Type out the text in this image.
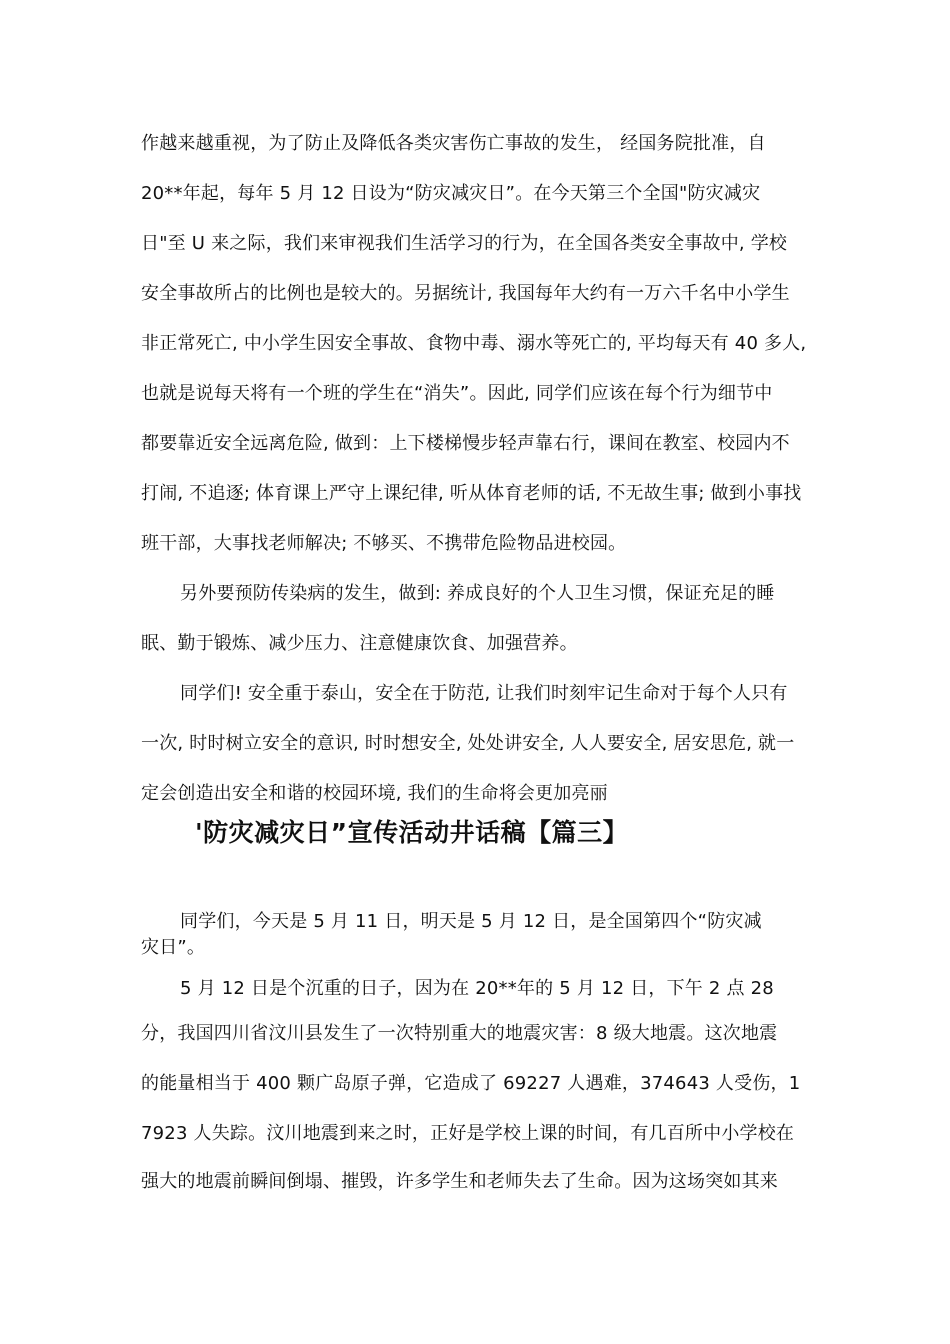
作越来越重视，为了防止及降低各类灾害伤亡事故的发生， 经国务院批准，自
20**年起，每年 5 月 12 日设为“防灾减灾日”。在今天第三个全国"防灾减灾
日"至 U 来之际，我们来审视我们生活学习的行为，在全国各类安全事故中, 学校
安全事故所占的比例也是较大的。另据统计, 我国每年大约有一万六千名中小学生
非正常死亡, 中小学生因安全事故、食物中毒、溺水等死亡的, 平均每天有 40 多人,
也就是说每天将有一个班的学生在“消失”。因此, 同学们应该在每个行为细节中
都要靠近安全远离危险, 做到：上下楼梯慢步轻声靠右行，课间在教室、校园内不
打闹, 不追逐; 体育课上严守上课纪律, 听从体育老师的话, 不无故生事; 做到小事找
班干部，大事找老师解决; 不够买、不携带危险物品进校园。
另外要预防传染病的发生，做到: 养成良好的个人卫生习惯，保证充足的睡
眠、勤于锻炼、减少压力、注意健康饮食、加强营养。
同学们! 安全重于泰山，安全在于防范, 让我们时刻牢记生命对于每个人只有
一次, 时时树立安全的意识, 时时想安全, 处处讲安全, 人人要安全, 居安思危, 就一
定会创造出安全和谐的校园环境, 我们的生命将会更加亮丽
'防灾减灾日”宣传活动井话稿【篇三】
同学们，今天是 5 月 11 日，明天是 5 月 12 日，是全国第四个“防灾减
灾日”。
5 月 12 日是个沉重的日子，因为在 20**年的 5 月 12 日，下午 2 点 28
分，我国四川省汶川县发生了一次特别重大的地震灾害：8 级大地震。这次地震
的能量相当于 400 颗广岛原子弹，它造成了 69227 人遇难，374643 人受伤，1
7923 人失踪。汶川地震到来之时，正好是学校上课的时间，有几百所中小学校在
强大的地震前瞬间倒塌、摧毁，许多学生和老师失去了生命。因为这场突如其来
